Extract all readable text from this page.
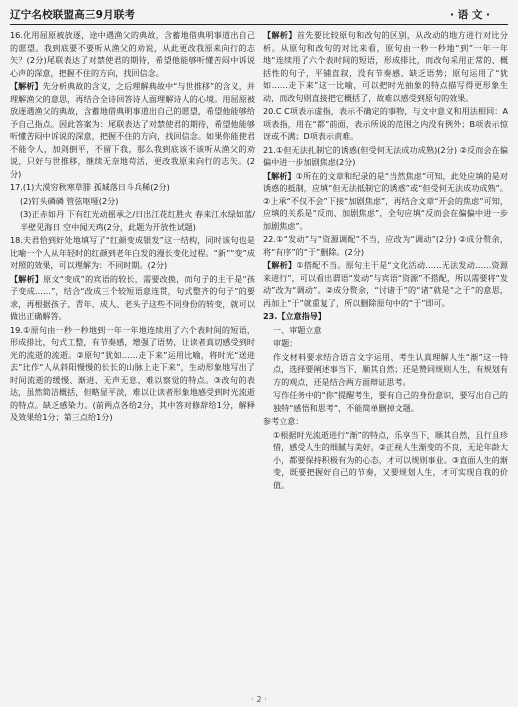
辽宁名校联盟高三9月联考	· 语 文 ·

16.化用屈原被放逐，途中遇渔父的典故，含蓄地借典明事道出自己的愿望。我到底要不要听从渔父的劝说，从此更改我原来向行的志矢？(2分)尾联表达了对禁使君的期待，希望他能够听懂苦闷中诉说心声的深意，把握不住的方向，找回信念。

【解析】先分析典故的含义，之后理解典故中“与世推移”的含义，并理解渔父的意思，再结合全诗回答诗人面理解诗人的心境。用屈原被放逐遇渔父的典故，含蓄地借典明事道出自己的愿望，希望他能够给予自己指点。因此答案为：尾联表达了对禁使君的期待，希望他能够听懂苦闷中诉说的深意，把握不住的方向，找回信念。如果你能使君不能令人，加剑倒平，不留下我，那么我到底该不该听从渔父的劝说，只好与世推移，继续无奈地苟活，更改我原来向行的志矢。(2分)

17.(1)大漠穷秋寒草腓 孤城落日斗兵稀(2分)

(2)钉头磷磷 管弦呕哑(2分)

(3)正赤如丹 下有红光动摇承之/日出江花红胜火 春来江水绿如蓝/半壁见海日 空中闻天鸡(2分，此题为开放性试题)

18.夫君恰到好处地填写了“红颜变成银发”这一结构，同时该句也是比喻一个人从年轻时的红颜到老年白发的漫长变化过程。“新”“变”成对照的效果，可以理解为：不同时期。(2分)

【解析】原文“变成”的宾语的较长，需要改换，而句子的主干是“孩子变成……”，结合“改成三个较短语意连贯，句式整齐的句子”的要求，再根据孩子、青年、成人、老头子这些不同身份的转变，就可以做出正确解答。

19.①原句由一秒一秒地到一年一年地连续用了六个表时间的短语，形成排比，句式工整，有节奏感，增强了语势，让读者真切感受到时光的流逝的流逝。②原句“犹如……走下来”运用比喻，将时光“送进去”比作“人从斜阳慢慢的长长的山脉上走下来”，生动形象地写出了时间流逝的缓慢、渐进、无声无息、难以察觉的特点。③改句的表达，虽然简洁概括，但略显平淡，难以让读者形象地感受到时光流逝的特点。缺乏感染力。(前两点各给2分，其中答对修辞给1分，解释及效果给1分；第三点给1分)

【解析】首先要比较原句和改句的区别，从改动的地方进行对比分析。从原句和改句的对比来看，原句由一秒一秒地“到”一年一年地“连续用了六个表时间的短语，形成排比，而改句采用正常的、概括性的句子，平铺直叙，没有节奏感、缺乏语势；原句运用了“犹如……走下来”这一比喻，可以把时光抽象的特点描写得更形象生动，而改句则直接把它概括了，故难以感受到原句的效果。

20.C C项表示虚指，表示不确定的事物，与文中意义和用法相同：A项表指，用在“都”前面，表示所说的范围之内没有例外；B项表示惊讶或不满；D项表示责难。

21.①但无法扎制它的诱惑(但受何无法成功成熟)(2分) ②反而会在偏偏中进一步加剧焦虑(2分)

【解析】①所在的文章和纪录的是“当然焦虑”可知，此处应填的是对诱惑的抵制，应填“但无法抵制它的诱惑”或“但受何无法成功成熟”。②上承“不仅不会”下接“加剧焦虑”，再结合文章“开会的焦虑”可知，应填的关系是“反而、加剧焦虑”，全句应填“反而会在偏偏中进一步加剧焦虑”。

22.①“发动”与“资源调配”不当，应改为“调动”(2分) ②成分赘余，将“有序”的“于”删除。(2分)

【解析】①搭配不当。原句主干是“文化活动……无法发动……资源来进行”，可以看出谓语“发动”与宾语“资源”不搭配，所以需要将“发动”改为“调动”。②成分赘余，“讨诸于”的“诸”就是“之于”的意思，再加上“于”就重复了，所以删除原句中的“于”即可。

23.【立意指导】

一、审题立意

审题：

作文材料要求结合语言文字运用、考生认真理解人生“渐”这一特点，选择要阐述事当下，顺其自然；还是赞同规则人生，有规划有方的观点，还是结合两方面辩证思考。

写作任务中的“你”提醒考生，要有自己的身份意识，要写出自己的独特“感悟和思考”，不能简单删掉文题。

参考立意：

①根据时光流逝进行“渐”的特点，乐享当下，顺其自然，且行且珍惜，感受人生的细腻与美好。②正视人生渐变的不良，无论年龄大小，都要保持积极有为的心态，才可以规则事业。③直面人生的渐变，既要把握好自己的节奏，又要规划人生，才可实现自我的价值。

· 2 ·
